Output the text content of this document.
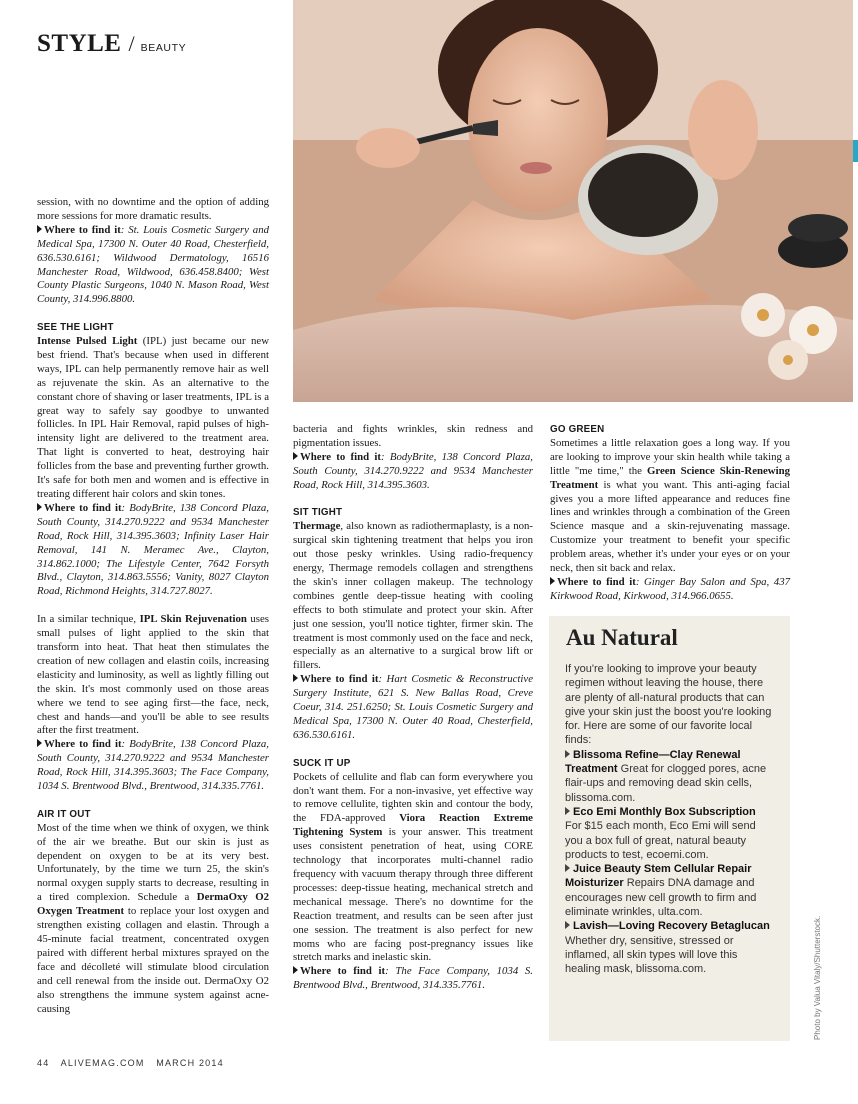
STYLE / BEAUTY

session, with no downtime and the option of adding more sessions for more dramatic results.

Where to find it: St. Louis Cosmetic Surgery and Medical Spa, 17300 N. Outer 40 Road, Chesterfield, 636.530.6161; Wildwood Dermatology, 16516 Manchester Road, Wildwood, 636.458.8400; West County Plastic Surgeons, 1040 N. Mason Road, West County, 314.996.8800.

SEE THE LIGHT

Intense Pulsed Light (IPL) just became our new best friend. That's because when used in different ways, IPL can help permanently remove hair as well as rejuvenate the skin. As an alternative to the constant chore of shaving or laser treatments, IPL is a great way to safely say goodbye to unwanted follicles. In IPL Hair Removal, rapid pulses of high-intensity light are delivered to the treatment area. That light is converted to heat, destroying hair follicles from the base and preventing further growth. It's safe for both men and women and is effective in treating different hair colors and skin tones.

Where to find it: BodyBrite, 138 Concord Plaza, South County, 314.270.9222 and 9534 Manchester Road, Rock Hill, 314.395.3603; Infinity Laser Hair Removal, 141 N. Meramec Ave., Clayton, 314.862.1000; The Lifestyle Center, 7642 Forsyth Blvd., Clayton, 314.863.5556; Vanity, 8027 Clayton Road, Richmond Heights, 314.727.8027.

In a similar technique, IPL Skin Rejuvenation uses small pulses of light applied to the skin that transform into heat. That heat then stimulates the creation of new collagen and elastin coils, increasing elasticity and luminosity, as well as lightly filling out the skin. It's most commonly used on those areas where we tend to see aging first—the face, neck, chest and hands—and you'll be able to see results after the first treatment.

Where to find it: BodyBrite, 138 Concord Plaza, South County, 314.270.9222 and 9534 Manchester Road, Rock Hill, 314.395.3603; The Face Company, 1034 S. Brentwood Blvd., Brentwood, 314.335.7761.

AIR IT OUT

Most of the time when we think of oxygen, we think of the air we breathe. But our skin is just as dependent on oxygen to be at its very best. Unfortunately, by the time we turn 25, the skin's normal oxygen supply starts to decrease, resulting in a tired complexion. Schedule a DermaOxy O2 Oxygen Treatment to replace your lost oxygen and strengthen existing collagen and elastin. Through a 45-minute facial treatment, concentrated oxygen paired with different herbal mixtures sprayed on the face and décolleté will stimulate blood circulation and cell renewal from the inside out. DermaOxy O2 also strengthens the immune system against acne-causing

bacteria and fights wrinkles, skin redness and pigmentation issues.

Where to find it: BodyBrite, 138 Concord Plaza, South County, 314.270.9222 and 9534 Manchester Road, Rock Hill, 314.395.3603.

SIT TIGHT

Thermage, also known as radiothermaplasty, is a non-surgical skin tightening treatment that helps you iron out those pesky wrinkles. Using radio-frequency energy, Thermage remodels collagen and strengthens the skin's inner collagen makeup. The technology combines gentle deep-tissue heating with cooling effects to both stimulate and protect your skin. After just one session, you'll notice tighter, firmer skin. The treatment is most commonly used on the face and neck, especially as an alternative to a surgical brow lift or fillers.

Where to find it: Hart Cosmetic & Reconstructive Surgery Institute, 621 S. New Ballas Road, Creve Coeur, 314. 251.6250; St. Louis Cosmetic Surgery and Medical Spa, 17300 N. Outer 40 Road, Chesterfield, 636.530.6161.

SUCK IT UP

Pockets of cellulite and flab can form everywhere you don't want them. For a non-invasive, yet effective way to remove cellulite, tighten skin and contour the body, the FDA-approved Viora Reaction Extreme Tightening System is your answer. This treatment uses consistent penetration of heat, using CORE technology that incorporates multi-channel radio frequency with vacuum therapy through three different processes: deep-tissue heating, mechanical stretch and mechanical message. There's no downtime for the Reaction treatment, and results can be seen after just one session. The treatment is also perfect for new moms who are facing post-pregnancy issues like stretch marks and inelastic skin.

Where to find it: The Face Company, 1034 S. Brentwood Blvd., Brentwood, 314.335.7761.

GO GREEN

Sometimes a little relaxation goes a long way. If you are looking to improve your skin health while taking a little "me time," the Green Science Skin-Renewing Treatment is what you want. This anti-aging facial gives you a more lifted appearance and reduces fine lines and wrinkles through a combination of the Green Science masque and a skin-rejuvenating massage. Customize your treatment to benefit your specific problem areas, whether it's under your eyes or on your neck, then sit back and relax.

Where to find it: Ginger Bay Salon and Spa, 437 Kirkwood Road, Kirkwood, 314.966.0655.

Au Natural

If you're looking to improve your beauty regimen without leaving the house, there are plenty of all-natural products that can give your skin just the boost you're looking for. Here are some of our favorite local finds:

Blissoma Refine—Clay Renewal Treatment Great for clogged pores, acne flair-ups and removing dead skin cells, blissoma.com.

Eco Emi Monthly Box Subscription For $15 each month, Eco Emi will send you a box full of great, natural beauty products to test, ecoemi.com.

Juice Beauty Stem Cellular Repair Moisturizer Repairs DNA damage and encourages new cell growth to firm and eliminate wrinkles, ulta.com.

Lavish—Loving Recovery Betaglucan Whether dry, sensitive, stressed or inflamed, all skin types will love this healing mask, blissoma.com.	Photo by Valua Vitaly/Shutterstock.
44 ALIVEMAG.COM MARCH 2014
